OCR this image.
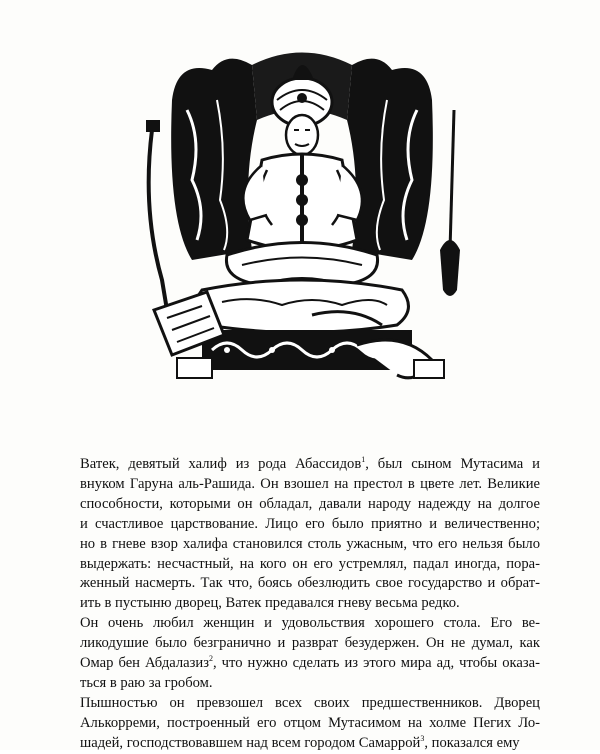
Ватек, девятый халиф из рода Абассидов$^1$, был сыном Мутасима и
внуком Гаруна аль-Рашида. Он взошел на престол в цвете лет. Великие
способности, которыми он обладал, давали народу надежду на долгое
и счастливое царствование. Лицо его было приятно и величественно;
но в гневе взор халифа становился столь ужасным, что его нельзя было
выдержать: несчастный, на кого он его устремлял, падал иногда, пора-
женный насмерть. Так что, боясь обезлюдить свое государство и обрат-
ить в пустыню дворец, Ватек предавался гневу весьма редко.

Он очень любил женщин и удовольствия хорошего стола. Его ве-
ликодушие было безгранично и разврат безудержен. Он не думал, как
Омар бен Абдалазиз$^2$, что нужно сделать из этого мира ад, чтобы оказа-
ться в раю за гробом.

Пышностью он превзошел всех своих предшественников. Дворец
Алькорреми, построенный его отцом Мутасимом на холме Пегих Ло-
шадей, господствовавшем над всем городом Самаррой$^3$, показался ему
